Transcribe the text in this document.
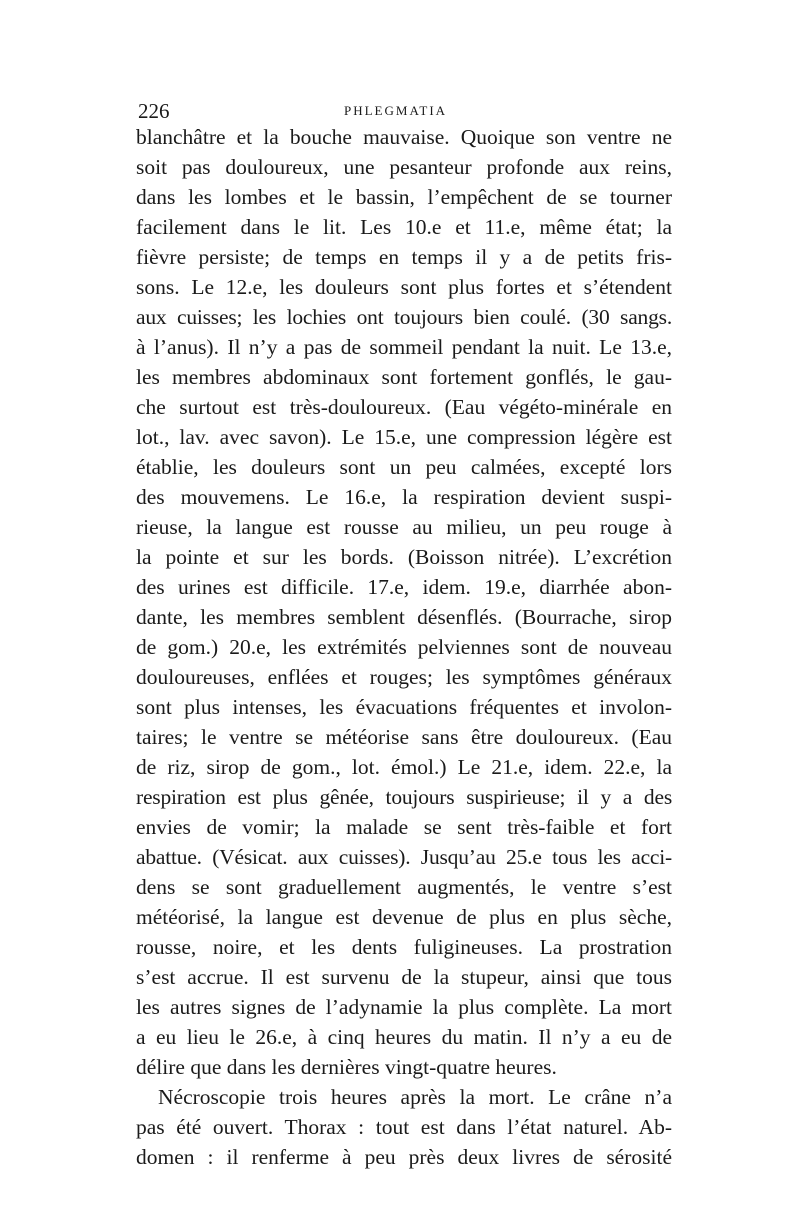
226	PHLEGMATIA
blanchâtre et la bouche mauvaise. Quoique son ventre ne
soit pas douloureux, une pesanteur profonde aux reins,
dans les lombes et le bassin, l’empêchent de se tourner
facilement dans le lit. Les 10.e et 11.e, même état; la
fièvre persiste; de temps en temps il y a de petits fris-
sons. Le 12.e, les douleurs sont plus fortes et s’étendent
aux cuisses; les lochies ont toujours bien coulé. (30 sangs.
à l’anus). Il n’y a pas de sommeil pendant la nuit. Le 13.e,
les membres abdominaux sont fortement gonflés, le gau-
che surtout est très-douloureux. (Eau végéto-minérale en
lot., lav. avec savon). Le 15.e, une compression légère est
établie, les douleurs sont un peu calmées, excepté lors
des mouvemens. Le 16.e, la respiration devient suspi-
rieuse, la langue est rousse au milieu, un peu rouge à
la pointe et sur les bords. (Boisson nitrée). L’excrétion
des urines est difficile. 17.e, idem. 19.e, diarrhée abon-
dante, les membres semblent désenflés. (Bourrache, sirop
de gom.) 20.e, les extrémités pelviennes sont de nouveau
douloureuses, enflées et rouges; les symptômes généraux
sont plus intenses, les évacuations fréquentes et involon-
taires; le ventre se météorise sans être douloureux. (Eau
de riz, sirop de gom., lot. émol.) Le 21.e, idem. 22.e, la
respiration est plus gênée, toujours suspirieuse; il y a des
envies de vomir; la malade se sent très-faible et fort
abattue. (Vésicat. aux cuisses). Jusqu’au 25.e tous les acci-
dens se sont graduellement augmentés, le ventre s’est
météorisé, la langue est devenue de plus en plus sèche,
rousse, noire, et les dents fuligineuses. La prostration
s’est accrue. Il est survenu de la stupeur, ainsi que tous
les autres signes de l’adynamie la plus complète. La mort
a eu lieu le 26.e, à cinq heures du matin. Il n’y a eu de
délire que dans les dernières vingt-quatre heures.
Nécroscopie trois heures après la mort. Le crâne n’a
pas été ouvert. Thorax : tout est dans l’état naturel. Ab-
domen : il renferme à peu près deux livres de sérosité
